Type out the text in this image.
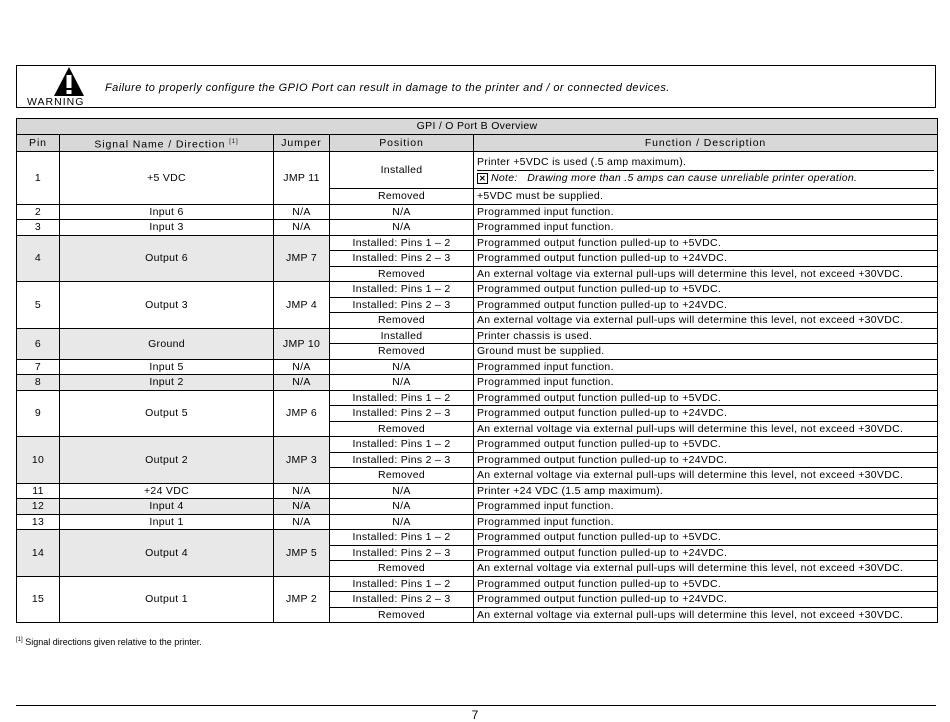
WARNING
Failure to properly configure the GPIO Port can result in damage to the printer and / or connected devices.
GPI / O Port B Overview				
Pin	Signal Name / Direction [1]	Jumper	Position	Function / Description
1	+5 VDC	JMP 11	Installed	Printer +5VDC is used (.5 amp maximum).
✕ Note: Drawing more than .5 amps can cause unreliable printer operation.

			Removed	+5VDC must be supplied.
2	Input 6	N/A	N/A	Programmed input function.
3	Input 3	N/A	N/A	Programmed input function.
4	Output 6	JMP 7	Installed: Pins 1 – 2	Programmed output function pulled-up to +5VDC.
			Installed: Pins 2 – 3	Programmed output function pulled-up to +24VDC.
			Removed	An external voltage via external pull-ups will determine this level, not exceed +30VDC.
5	Output 3	JMP 4	Installed: Pins 1 – 2	Programmed output function pulled-up to +5VDC.
			Installed: Pins 2 – 3	Programmed output function pulled-up to +24VDC.
			Removed	An external voltage via external pull-ups will determine this level, not exceed +30VDC.
6	Ground	JMP 10	Installed	Printer chassis is used.
			Removed	Ground must be supplied.
7	Input 5	N/A	N/A	Programmed input function.
8	Input 2	N/A	N/A	Programmed input function.
9	Output 5	JMP 6	Installed: Pins 1 – 2	Programmed output function pulled-up to +5VDC.
			Installed: Pins 2 – 3	Programmed output function pulled-up to +24VDC.
			Removed	An external voltage via external pull-ups will determine this level, not exceed +30VDC.
10	Output 2	JMP 3	Installed: Pins 1 – 2	Programmed output function pulled-up to +5VDC.
			Installed: Pins 2 – 3	Programmed output function pulled-up to +24VDC.
			Removed	An external voltage via external pull-ups will determine this level, not exceed +30VDC.
11	+24 VDC	N/A	N/A	Printer +24 VDC (1.5 amp maximum).
12	Input 4	N/A	N/A	Programmed input function.
13	Input 1	N/A	N/A	Programmed input function.
14	Output 4	JMP 5	Installed: Pins 1 – 2	Programmed output function pulled-up to +5VDC.
			Installed: Pins 2 – 3	Programmed output function pulled-up to +24VDC.
			Removed	An external voltage via external pull-ups will determine this level, not exceed +30VDC.
15	Output 1	JMP 2	Installed: Pins 1 – 2	Programmed output function pulled-up to +5VDC.
			Installed: Pins 2 – 3	Programmed output function pulled-up to +24VDC.
			Removed	An external voltage via external pull-ups will determine this level, not exceed +30VDC.
[1] Signal directions given relative to the printer.
7
